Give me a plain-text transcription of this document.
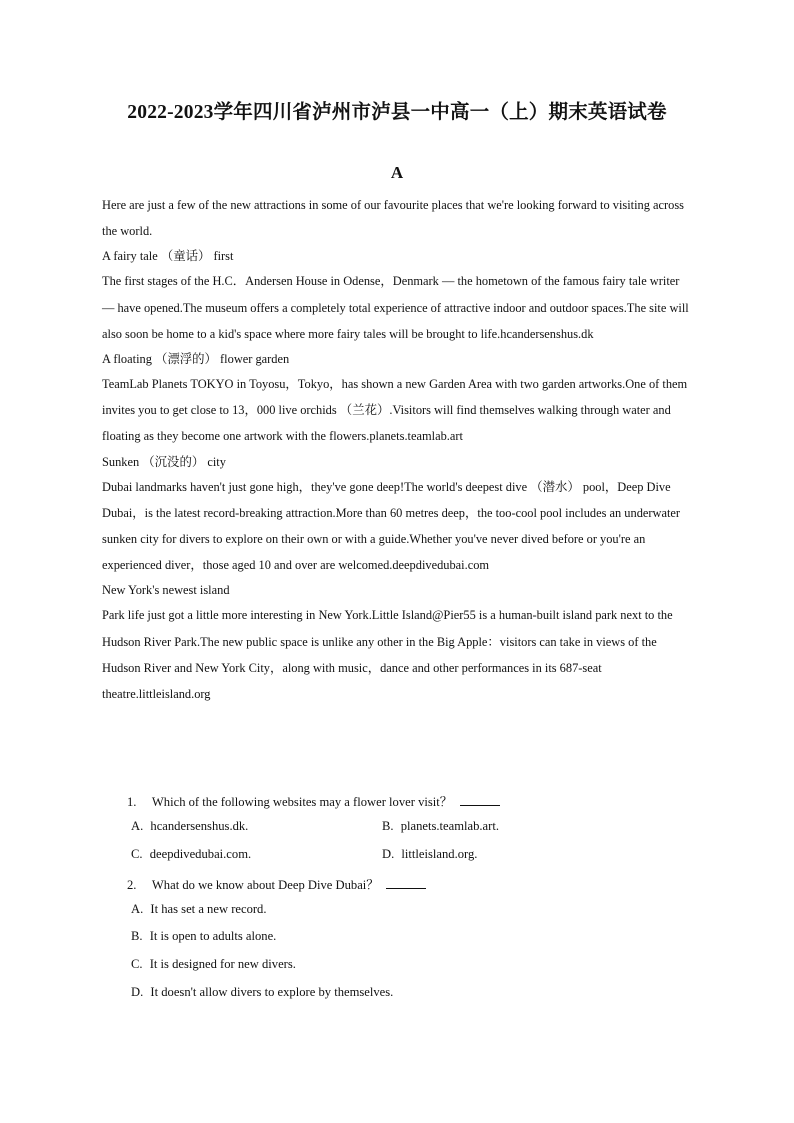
2022-2023学年四川省泸州市泸县一中高一（上）期末英语试卷
A

Here are just a few of the new attractions in some of our favourite places that we're looking forward to visiting across the world.

A fairy tale （童话） first

The first stages of the H.C．Andersen House in Odense，Denmark — the hometown of the famous fairy tale writer — have opened.The museum offers a completely total experience of attractive indoor and outdoor spaces.The site will also soon be home to a kid's space where more fairy tales will be brought to life.hcandersenshus.dk

A floating （漂浮的） flower garden

TeamLab Planets TOKYO in Toyosu，Tokyo，has shown a new Garden Area with two garden artworks.One of them invites you to get close to 13，000 live orchids （兰花）.Visitors will find themselves walking through water and floating as they become one artwork with the flowers.planets.teamlab.art

Sunken （沉没的） city

Dubai landmarks haven't just gone high，they've gone deep!The world's deepest dive （潜水） pool，Deep Dive Dubai，is the latest record-breaking attraction.More than 60 metres deep，the too-cool pool includes an underwater sunken city for divers to explore on their own or with a guide.Whether you've never dived before or you're an experienced diver，those aged 10 and over are welcomed.deepdivedubai.com

New York's newest island

Park life just got a little more interesting in New York.Little Island@Pier55 is a human-built island park next to the Hudson River Park.The new public space is unlike any other in the Big Apple：visitors can take in views of the Hudson River and New York City，along with music，dance and other performances in its 687-seat theatre.littleisland.org

1. Which of the following websites may a flower lover visit？
A. hcandersenshus.dk.	B. planets.teamlab.art.
C. deepdivedubai.com.	D. littleisland.org.
2. What do we know about Deep Dive Dubai？
A. It has set a new record.
B. It is open to adults alone.
C. It is designed for new divers.
D. It doesn't allow divers to explore by themselves.
